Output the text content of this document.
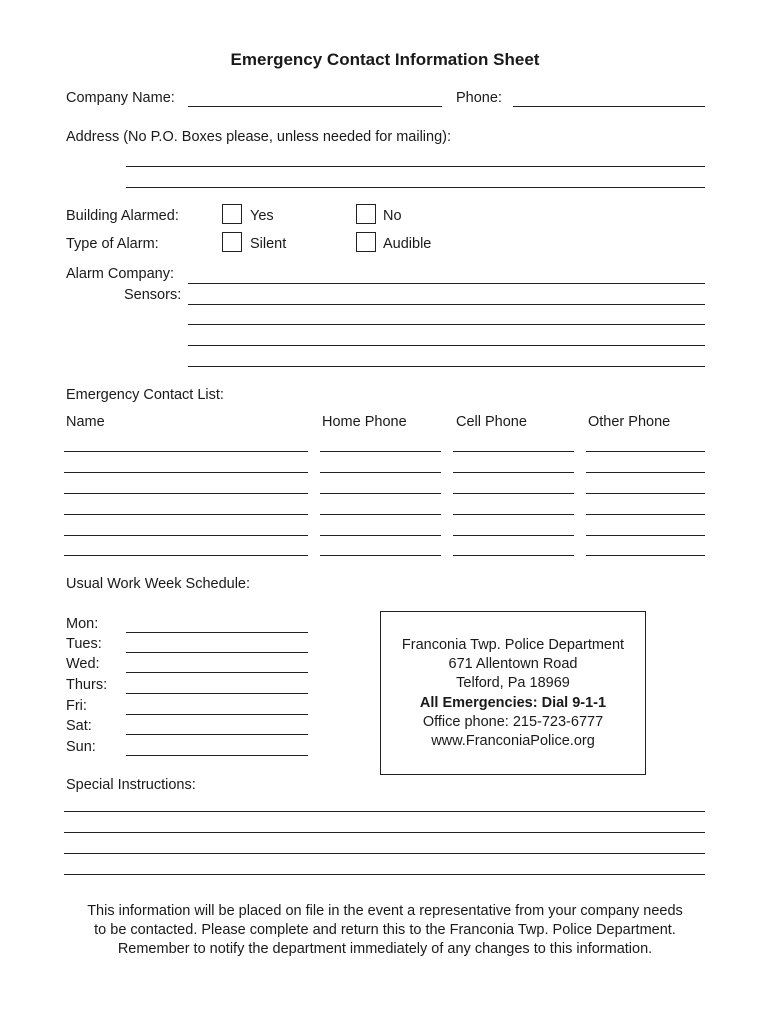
Emergency Contact Information Sheet
Company Name:	Phone:
Address (No P.O. Boxes please, unless needed for mailing):
Building Alarmed:	Yes	No
Type of Alarm:	Silent	Audible
Alarm Company:
Sensors:
Emergency Contact List:
Name	Home Phone	Cell Phone	Other Phone
Usual Work Week Schedule:
Mon:
Tues:
Wed:
Thurs:
Fri:
Sat:
Sun:
Franconia Twp. Police Department
671 Allentown Road
Telford, Pa 18969
All Emergencies: Dial 9-1-1
Office phone: 215-723-6777
www.FranconiaPolice.org
Special Instructions:
This information will be placed on file in the event a representative from your company needs
to be contacted. Please complete and return this to the Franconia Twp. Police Department.
Remember to notify the department immediately of any changes to this information.
